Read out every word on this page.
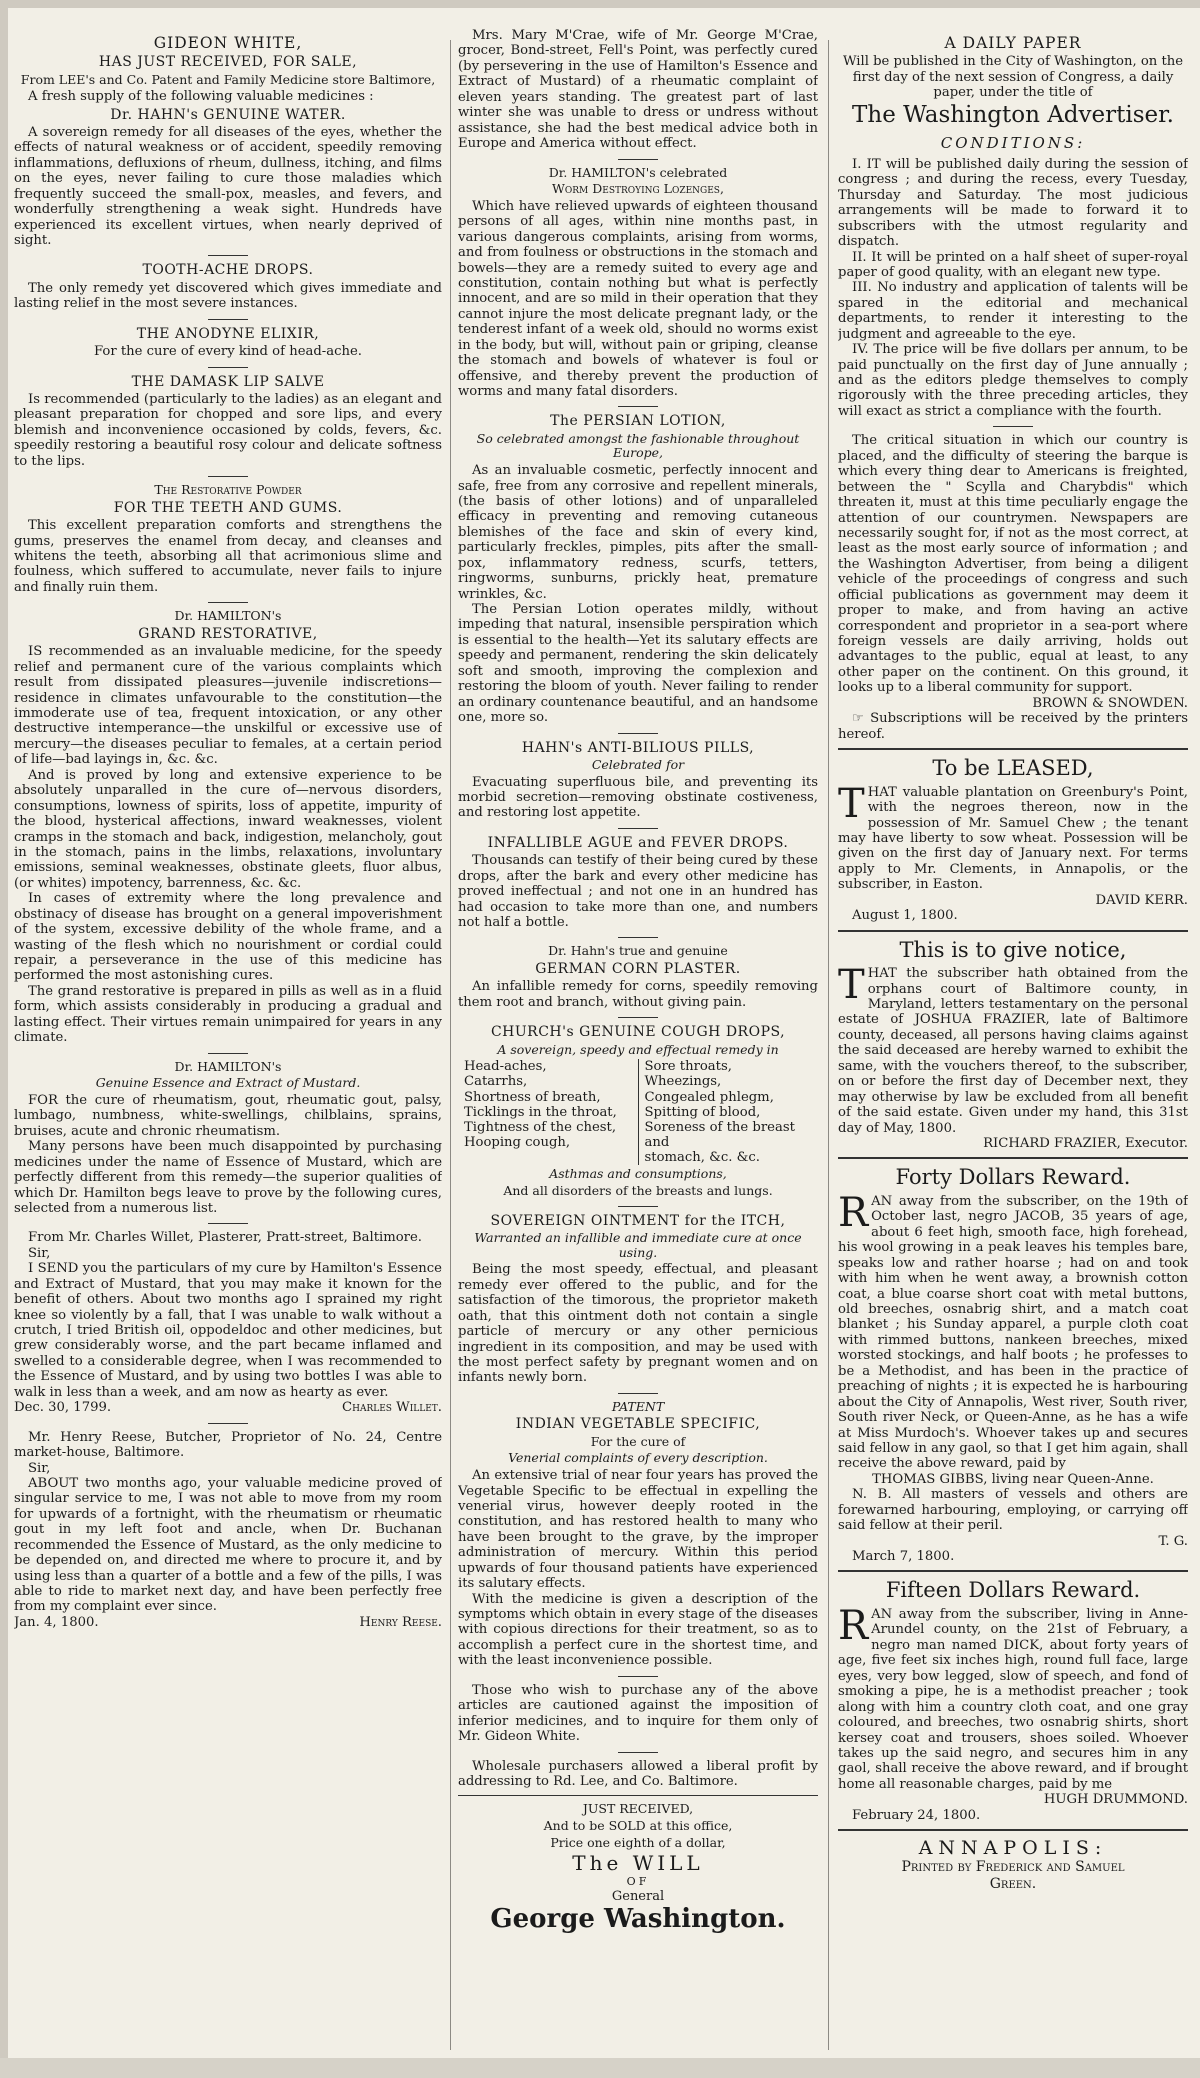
GIDEON WHITE,
HAS JUST RECEIVED, FOR SALE,
From LEE's and Co. Patent and Family Medicine store Baltimore,

A fresh supply of the following valuable medicines :

Dr. HAHN's GENUINE WATER.

A sovereign remedy for all diseases of the eyes, whether the effects of natural weakness or of accident, speedily removing inflammations, defluxions of rheum, dullness, itching, and films on the eyes, never failing to cure those maladies which frequently succeed the small-pox, measles, and fevers, and wonderfully strengthening a weak sight. Hundreds have experienced its excellent virtues, when nearly deprived of sight.

TOOTH-ACHE DROPS.

The only remedy yet discovered which gives immediate and lasting relief in the most severe instances.

THE ANODYNE ELIXIR,

For the cure of every kind of head-ache.

THE DAMASK LIP SALVE

Is recommended (particularly to the ladies) as an elegant and pleasant preparation for chopped and sore lips, and every blemish and inconvenience occasioned by colds, fevers, &c. speedily restoring a beautiful rosy colour and delicate softness to the lips.

The Restorative Powder
FOR THE TEETH AND GUMS.

This excellent preparation comforts and strengthens the gums, preserves the enamel from decay, and cleanses and whitens the teeth, absorbing all that acrimonious slime and foulness, which suffered to accumulate, never fails to injure and finally ruin them.

Dr. HAMILTON's
GRAND RESTORATIVE,

IS recommended as an invaluable medicine, for the speedy relief and permanent cure of the various complaints which result from dissipated pleasures—juvenile indiscretions—residence in climates unfavourable to the constitution—the immoderate use of tea, frequent intoxication, or any other destructive intemperance—the unskilful or excessive use of mercury—the diseases peculiar to females, at a certain period of life—bad layings in, &c. &c.

And is proved by long and extensive experience to be absolutely unparalled in the cure of—nervous disorders, consumptions, lowness of spirits, loss of appetite, impurity of the blood, hysterical affections, inward weaknesses, violent cramps in the stomach and back, indigestion, melancholy, gout in the stomach, pains in the limbs, relaxations, involuntary emissions, seminal weaknesses, obstinate gleets, fluor albus, (or whites) impotency, barrenness, &c. &c.

In cases of extremity where the long prevalence and obstinacy of disease has brought on a general impoverishment of the system, excessive debility of the whole frame, and a wasting of the flesh which no nourishment or cordial could repair, a perseverance in the use of this medicine has performed the most astonishing cures.

The grand restorative is prepared in pills as well as in a fluid form, which assists considerably in producing a gradual and lasting effect. Their virtues remain unimpaired for years in any climate.

Dr. HAMILTON's
Genuine Essence and Extract of Mustard.

FOR the cure of rheumatism, gout, rheumatic gout, palsy, lumbago, numbness, white-swellings, chilblains, sprains, bruises, acute and chronic rheumatism.

Many persons have been much disappointed by purchasing medicines under the name of Essence of Mustard, which are perfectly different from this remedy—the superior qualities of which Dr. Hamilton begs leave to prove by the following cures, selected from a numerous list.

From Mr. Charles Willet, Plasterer, Pratt-street, Baltimore.

Sir,

I SEND you the particulars of my cure by Hamilton's Essence and Extract of Mustard, that you may make it known for the benefit of others. About two months ago I sprained my right knee so violently by a fall, that I was unable to walk without a crutch, I tried British oil, oppodeldoc and other medicines, but grew considerably worse, and the part became inflamed and swelled to a considerable degree, when I was recommended to the Essence of Mustard, and by using two bottles I was able to walk in less than a week, and am now as hearty as ever.

Dec. 30, 1799.	Charles Willet.

Mr. Henry Reese, Butcher, Proprietor of No. 24, Centre market-house, Baltimore.

Sir,

ABOUT two months ago, your valuable medicine proved of singular service to me, I was not able to move from my room for upwards of a fortnight, with the rheumatism or rheumatic gout in my left foot and ancle, when Dr. Buchanan recommended the Essence of Mustard, as the only medicine to be depended on, and directed me where to procure it, and by using less than a quarter of a bottle and a few of the pills, I was able to ride to market next day, and have been perfectly free from my complaint ever since.

Jan. 4, 1800.	Henry Reese.

Mrs. Mary M'Crae, wife of Mr. George M'Crae, grocer, Bond-street, Fell's Point, was perfectly cured (by persevering in the use of Hamilton's Essence and Extract of Mustard) of a rheumatic complaint of eleven years standing. The greatest part of last winter she was unable to dress or undress without assistance, she had the best medical advice both in Europe and America without effect.

Dr. HAMILTON's celebrated
Worm Destroying Lozenges,

Which have relieved upwards of eighteen thousand persons of all ages, within nine months past, in various dangerous complaints, arising from worms, and from foulness or obstructions in the stomach and bowels—they are a remedy suited to every age and constitution, contain nothing but what is perfectly innocent, and are so mild in their operation that they cannot injure the most delicate pregnant lady, or the tenderest infant of a week old, should no worms exist in the body, but will, without pain or griping, cleanse the stomach and bowels of whatever is foul or offensive, and thereby prevent the production of worms and many fatal disorders.

The PERSIAN LOTION,
So celebrated amongst the fashionable throughout Europe,

As an invaluable cosmetic, perfectly innocent and safe, free from any corrosive and repellent minerals, (the basis of other lotions) and of unparalleled efficacy in preventing and removing cutaneous blemishes of the face and skin of every kind, particularly freckles, pimples, pits after the small-pox, inflammatory redness, scurfs, tetters, ringworms, sunburns, prickly heat, premature wrinkles, &c.

The Persian Lotion operates mildly, without impeding that natural, insensible perspiration which is essential to the health—Yet its salutary effects are speedy and permanent, rendering the skin delicately soft and smooth, improving the complexion and restoring the bloom of youth. Never failing to render an ordinary countenance beautiful, and an handsome one, more so.

HAHN's ANTI-BILIOUS PILLS,
Celebrated for

Evacuating superfluous bile, and preventing its morbid secretion—removing obstinate costiveness, and restoring lost appetite.

INFALLIBLE AGUE and FEVER DROPS.

Thousands can testify of their being cured by these drops, after the bark and every other medicine has proved ineffectual ; and not one in an hundred has had occasion to take more than one, and numbers not half a bottle.

Dr. Hahn's true and genuine
GERMAN CORN PLASTER.

An infallible remedy for corns, speedily removing them root and branch, without giving pain.

CHURCH's GENUINE COUGH DROPS,
A sovereign, speedy and effectual remedy in
Head-aches,
Catarrhs,
Shortness of breath,
Ticklings in the throat,
Tightness of the chest,
Hooping cough,
Sore throats,
Wheezings,
Congealed phlegm,
Spitting of blood,
Soreness of the breast and
stomach, &c. &c.
Asthmas and consumptions,
And all disorders of the breasts and lungs.
SOVEREIGN OINTMENT for the ITCH,
Warranted an infallible and immediate cure at once using.

Being the most speedy, effectual, and pleasant remedy ever offered to the public, and for the satisfaction of the timorous, the proprietor maketh oath, that this ointment doth not contain a single particle of mercury or any other pernicious ingredient in its composition, and may be used with the most perfect safety by pregnant women and on infants newly born.

PATENT
INDIAN VEGETABLE SPECIFIC,
For the cure of
Venerial complaints of every description.

An extensive trial of near four years has proved the Vegetable Specific to be effectual in expelling the venerial virus, however deeply rooted in the constitution, and has restored health to many who have been brought to the grave, by the improper administration of mercury. Within this period upwards of four thousand patients have experienced its salutary effects.

With the medicine is given a description of the symptoms which obtain in every stage of the diseases with copious directions for their treatment, so as to accomplish a perfect cure in the shortest time, and with the least inconvenience possible.

Those who wish to purchase any of the above articles are cautioned against the imposition of inferior medicines, and to inquire for them only of Mr. Gideon White.

Wholesale purchasers allowed a liberal profit by addressing to Rd. Lee, and Co. Baltimore.

JUST RECEIVED,
And to be SOLD at this office,
Price one eighth of a dollar,
The WILL
OF
General
George Washington.
A DAILY PAPER

Will be published in the City of Washington, on the first day of the next session of Congress, a daily paper, under the title of

The Washington Advertiser.
CONDITIONS:

I. IT will be published daily during the session of congress ; and during the recess, every Tuesday, Thursday and Saturday. The most judicious arrangements will be made to forward it to subscribers with the utmost regularity and dispatch.

II. It will be printed on a half sheet of super-royal paper of good quality, with an elegant new type.

III. No industry and application of talents will be spared in the editorial and mechanical departments, to render it interesting to the judgment and agreeable to the eye.

IV. The price will be five dollars per annum, to be paid punctually on the first day of June annually ; and as the editors pledge themselves to comply rigorously with the three preceding articles, they will exact as strict a compliance with the fourth.

The critical situation in which our country is placed, and the difficulty of steering the barque is which every thing dear to Americans is freighted, between the " Scylla and Charybdis" which threaten it, must at this time peculiarly engage the attention of our countrymen. Newspapers are necessarily sought for, if not as the most correct, at least as the most early source of information ; and the Washington Advertiser, from being a diligent vehicle of the proceedings of congress and such official publications as government may deem it proper to make, and from having an active correspondent and proprietor in a sea-port where foreign vessels are daily arriving, holds out advantages to the public, equal at least, to any other paper on the continent. On this ground, it looks up to a liberal community for support.

BROWN & SNOWDEN.

☞ Subscriptions will be received by the printers hereof.

To be LEASED,

THAT valuable plantation on Greenbury's Point, with the negroes thereon, now in the possession of Mr. Samuel Chew ; the tenant may have liberty to sow wheat. Possession will be given on the first day of January next. For terms apply to Mr. Clements, in Annapolis, or the subscriber, in Easton.

DAVID KERR.

August 1, 1800.

This is to give notice,

THAT the subscriber hath obtained from the orphans court of Baltimore county, in Maryland, letters testamentary on the personal estate of JOSHUA FRAZIER, late of Baltimore county, deceased, all persons having claims against the said deceased are hereby warned to exhibit the same, with the vouchers thereof, to the subscriber, on or before the first day of December next, they may otherwise by law be excluded from all benefit of the said estate. Given under my hand, this 31st day of May, 1800.

RICHARD FRAZIER, Executor.

Forty Dollars Reward.

RAN away from the subscriber, on the 19th of October last, negro JACOB, 35 years of age, about 6 feet high, smooth face, high forehead, his wool growing in a peak leaves his temples bare, speaks low and rather hoarse ; had on and took with him when he went away, a brownish cotton coat, a blue coarse short coat with metal buttons, old breeches, osnabrig shirt, and a match coat blanket ; his Sunday apparel, a purple cloth coat with rimmed buttons, nankeen breeches, mixed worsted stockings, and half boots ; he professes to be a Methodist, and has been in the practice of preaching of nights ; it is expected he is harbouring about the City of Annapolis, West river, South river, South river Neck, or Queen-Anne, as he has a wife at Miss Murdoch's. Whoever takes up and secures said fellow in any gaol, so that I get him again, shall receive the above reward, paid by

THOMAS GIBBS, living near Queen-Anne.

N. B. All masters of vessels and others are forewarned harbouring, employing, or carrying off said fellow at their peril.

T. G.

March 7, 1800.

Fifteen Dollars Reward.

RAN away from the subscriber, living in Anne-Arundel county, on the 21st of February, a negro man named DICK, about forty years of age, five feet six inches high, round full face, large eyes, very bow legged, slow of speech, and fond of smoking a pipe, he is a methodist preacher ; took along with him a country cloth coat, and one gray coloured, and breeches, two osnabrig shirts, short kersey coat and trousers, shoes soiled. Whoever takes up the said negro, and secures him in any gaol, shall receive the above reward, and if brought home all reasonable charges, paid by me

HUGH DRUMMOND.

February 24, 1800.

ANNAPOLIS:
Printed by Frederick and Samuel
Green.
